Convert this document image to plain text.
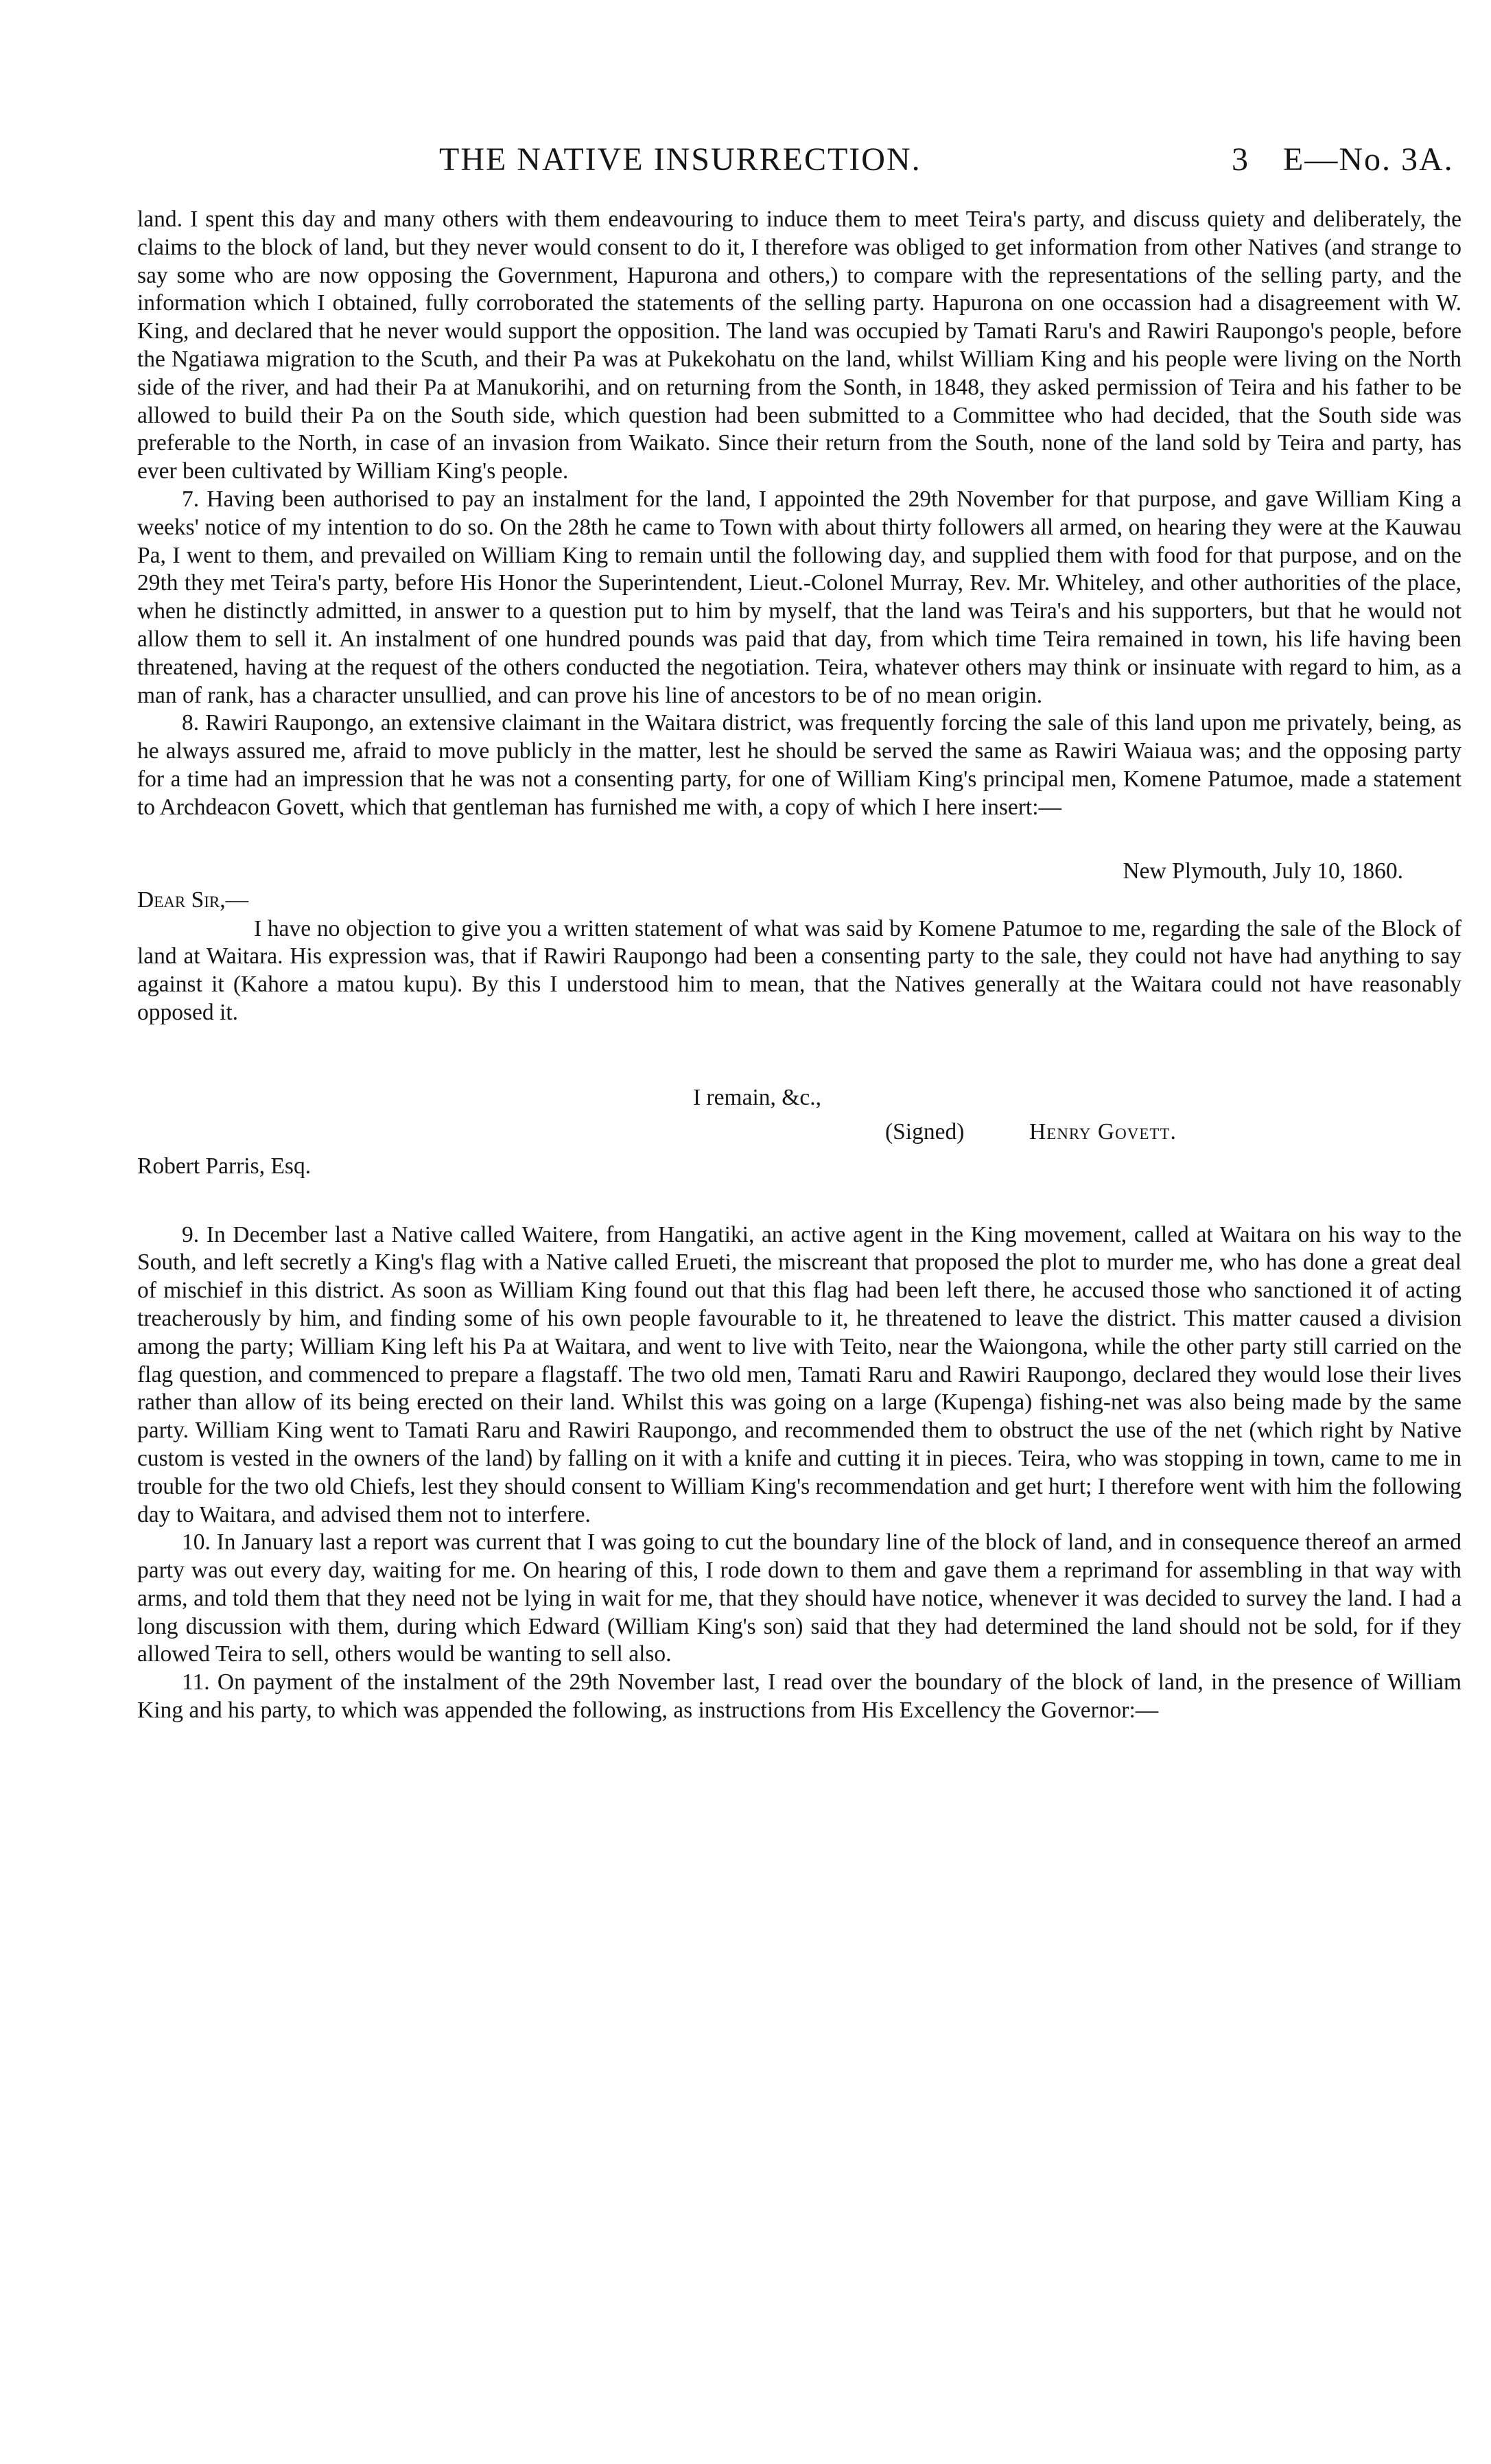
THE NATIVE INSURRECTION.	3 E—No. 3A.

land. I spent this day and many others with them endeavouring to induce them to meet Teira's party, and discuss quiety and deliberately, the claims to the block of land, but they never would consent to do it, I therefore was obliged to get information from other Natives (and strange to say some who are now opposing the Government, Hapurona and others,) to compare with the representations of the selling party, and the information which I obtained, fully corroborated the statements of the selling party. Hapurona on one occassion had a disagreement with W. King, and declared that he never would support the opposition. The land was occupied by Tamati Raru's and Rawiri Raupongo's people, before the Ngatiawa migration to the Scuth, and their Pa was at Pukekohatu on the land, whilst William King and his people were living on the North side of the river, and had their Pa at Manukorihi, and on returning from the Sonth, in 1848, they asked permission of Teira and his father to be allowed to build their Pa on the South side, which question had been submitted to a Committee who had decided, that the South side was preferable to the North, in case of an invasion from Waikato. Since their return from the South, none of the land sold by Teira and party, has ever been cultivated by William King's people.

7. Having been authorised to pay an instalment for the land, I appointed the 29th November for that purpose, and gave William King a weeks' notice of my intention to do so. On the 28th he came to Town with about thirty followers all armed, on hearing they were at the Kauwau Pa, I went to them, and prevailed on William King to remain until the following day, and supplied them with food for that purpose, and on the 29th they met Teira's party, before His Honor the Superintendent, Lieut.-Colonel Murray, Rev. Mr. Whiteley, and other authorities of the place, when he distinctly admitted, in answer to a question put to him by myself, that the land was Teira's and his supporters, but that he would not allow them to sell it. An instalment of one hundred pounds was paid that day, from which time Teira remained in town, his life having been threatened, having at the request of the others conducted the negotiation. Teira, whatever others may think or insinuate with regard to him, as a man of rank, has a character unsullied, and can prove his line of ancestors to be of no mean origin.

8. Rawiri Raupongo, an extensive claimant in the Waitara district, was frequently forcing the sale of this land upon me privately, being, as he always assured me, afraid to move publicly in the matter, lest he should be served the same as Rawiri Waiaua was; and the opposing party for a time had an impression that he was not a consenting party, for one of William King's principal men, Komene Patumoe, made a statement to Archdeacon Govett, which that gentleman has furnished me with, a copy of which I here insert:—

New Plymouth, July 10, 1860.
Dear Sir,—

I have no objection to give you a written statement of what was said by Komene Patumoe to me, regarding the sale of the Block of land at Waitara. His expression was, that if Rawiri Raupongo had been a consenting party to the sale, they could not have had anything to say against it (Kahore a matou kupu). By this I understood him to mean, that the Natives generally at the Waitara could not have reasonably opposed it.

I remain, &c.,
(Signed)	Henry Govett.
Robert Parris, Esq.

9. In December last a Native called Waitere, from Hangatiki, an active agent in the King movement, called at Waitara on his way to the South, and left secretly a King's flag with a Native called Erueti, the miscreant that proposed the plot to murder me, who has done a great deal of mischief in this district. As soon as William King found out that this flag had been left there, he accused those who sanctioned it of acting treacherously by him, and finding some of his own people favourable to it, he threatened to leave the district. This matter caused a division among the party; William King left his Pa at Waitara, and went to live with Teito, near the Waiongona, while the other party still carried on the flag question, and commenced to prepare a flagstaff. The two old men, Tamati Raru and Rawiri Raupongo, declared they would lose their lives rather than allow of its being erected on their land. Whilst this was going on a large (Kupenga) fishing-net was also being made by the same party. William King went to Tamati Raru and Rawiri Raupongo, and recommended them to obstruct the use of the net (which right by Native custom is vested in the owners of the land) by falling on it with a knife and cutting it in pieces. Teira, who was stopping in town, came to me in trouble for the two old Chiefs, lest they should consent to William King's recommendation and get hurt; I therefore went with him the following day to Waitara, and advised them not to interfere.

10. In January last a report was current that I was going to cut the boundary line of the block of land, and in consequence thereof an armed party was out every day, waiting for me. On hearing of this, I rode down to them and gave them a reprimand for assembling in that way with arms, and told them that they need not be lying in wait for me, that they should have notice, whenever it was decided to survey the land. I had a long discussion with them, during which Edward (William King's son) said that they had determined the land should not be sold, for if they allowed Teira to sell, others would be wanting to sell also.

11. On payment of the instalment of the 29th November last, I read over the boundary of the block of land, in the presence of William King and his party, to which was appended the following, as instructions from His Excellency the Governor:—
